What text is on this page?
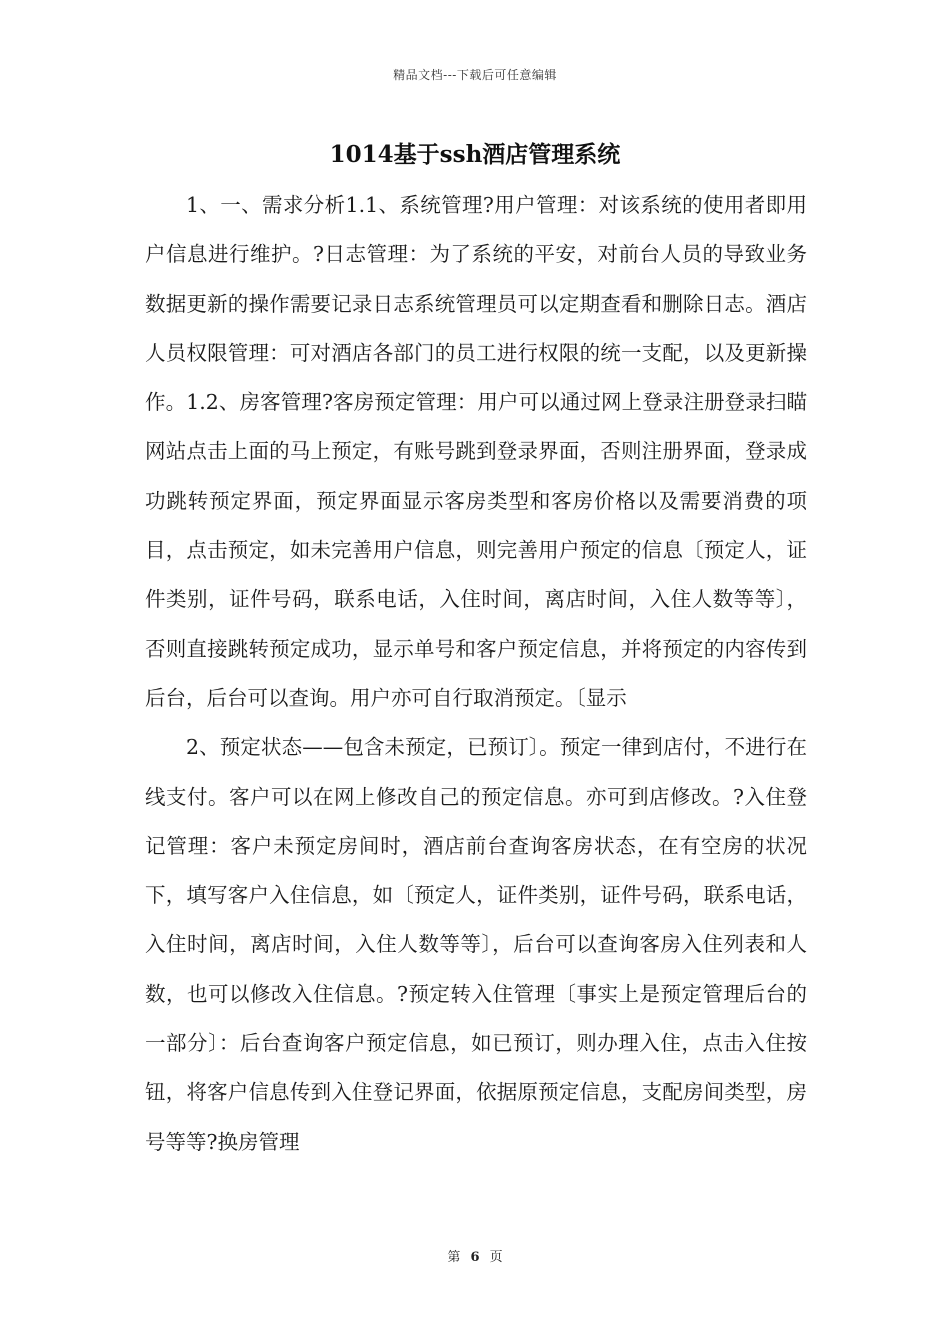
精品文档---下载后可任意编辑
1014基于ssh酒店管理系统

1、一、需求分析1.1、系统管理?用户管理：对该系统的使用者即用户信息进行维护。?日志管理：为了系统的平安，对前台人员的导致业务数据更新的操作需要记录日志系统管理员可以定期查看和删除日志。酒店人员权限管理：可对酒店各部门的员工进行权限的统一支配，以及更新操作。1.2、房客管理?客房预定管理：用户可以通过网上登录注册登录扫瞄网站点击上面的马上预定，有账号跳到登录界面，否则注册界面，登录成功跳转预定界面，预定界面显示客房类型和客房价格以及需要消费的项目，点击预定，如未完善用户信息，则完善用户预定的信息〔预定人，证件类别，证件号码，联系电话，入住时间，离店时间，入住人数等等〕，否则直接跳转预定成功，显示单号和客户预定信息，并将预定的内容传到后台，后台可以查询。用户亦可自行取消预定。〔显示

2、预定状态——包含未预定，已预订〕。预定一律到店付，不进行在线支付。客户可以在网上修改自己的预定信息。亦可到店修改。?入住登记管理：客户未预定房间时，酒店前台查询客房状态，在有空房的状况下，填写客户入住信息，如〔预定人，证件类别，证件号码，联系电话，入住时间，离店时间，入住人数等等〕，后台可以查询客房入住列表和人数，也可以修改入住信息。?预定转入住管理〔事实上是预定管理后台的一部分〕：后台查询客户预定信息，如已预订，则办理入住，点击入住按钮，将客户信息传到入住登记界面，依据原预定信息，支配房间类型，房号等等?换房管理

第 6 页
